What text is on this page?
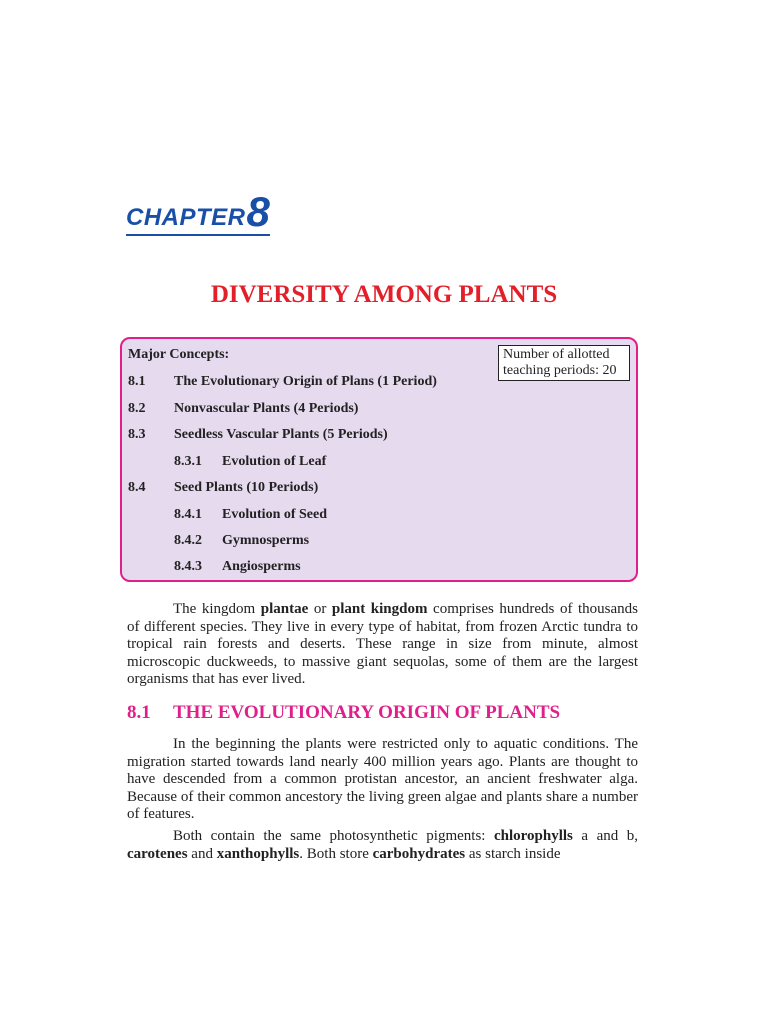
CHAPTER 8
DIVERSITY AMONG PLANTS
Major Concepts:	Number of allotted teaching periods: 20
8.1 The Evolutionary Origin of Plans (1 Period)
8.2 Nonvascular Plants (4 Periods)
8.3 Seedless Vascular Plants (5 Periods)
8.3.1 Evolution of Leaf
8.4 Seed Plants (10 Periods)
8.4.1 Evolution of Seed
8.4.2 Gymnosperms
8.4.3 Angiosperms

The kingdom plantae or plant kingdom comprises hundreds of thousands of different species. They live in every type of habitat, from frozen Arctic tundra to tropical rain forests and deserts. These range in size from minute, almost microscopic duckweeds, to massive giant sequolas, some of them are the largest organisms that has ever lived.

8.1 THE EVOLUTIONARY ORIGIN OF PLANTS

In the beginning the plants were restricted only to aquatic conditions. The migration started towards land nearly 400 million years ago. Plants are thought to have descended from a common protistan ancestor, an ancient freshwater alga. Because of their common ancestory the living green algae and plants share a number of features.

Both contain the same photosynthetic pigments: chlorophylls a and b, carotenes and xanthophylls. Both store carbohydrates as starch inside
